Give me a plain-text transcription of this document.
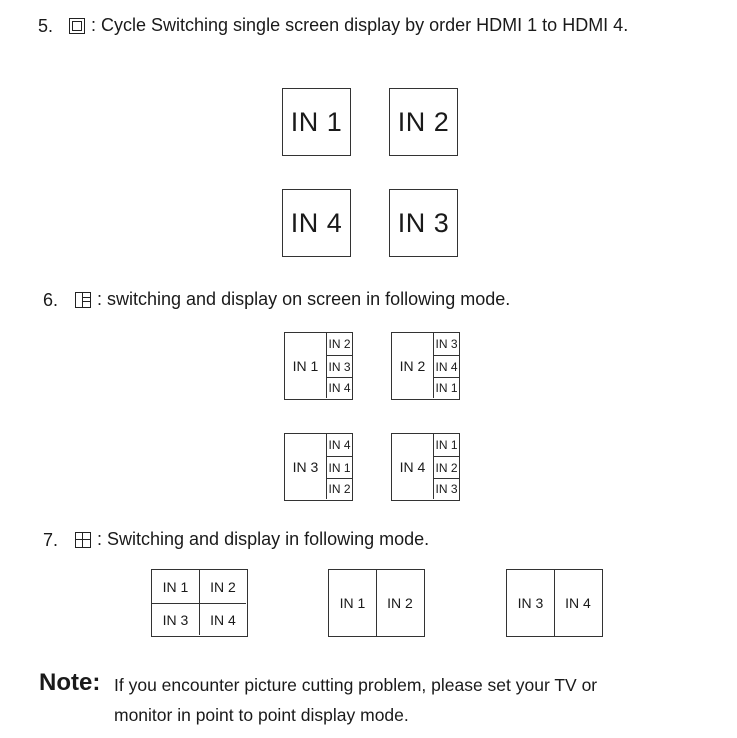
5. : Cycle Switching single screen display by order HDMI 1 to HDMI 4.
IN 1	IN 2
IN 4	IN 3
6. : switching and display on screen in following mode.
IN 1
IN 2
IN 3
IN 4
IN 2
IN 3
IN 4
IN 1
IN 3
IN 4
IN 1
IN 2
IN 4
IN 1
IN 2
IN 3
7. : Switching and display in following mode.
IN 1	IN 2
IN 3	IN 4
IN 1	IN 2	IN 3	IN 4
Note: If you encounter picture cutting problem, please set your TV or
monitor in point to point display mode.
